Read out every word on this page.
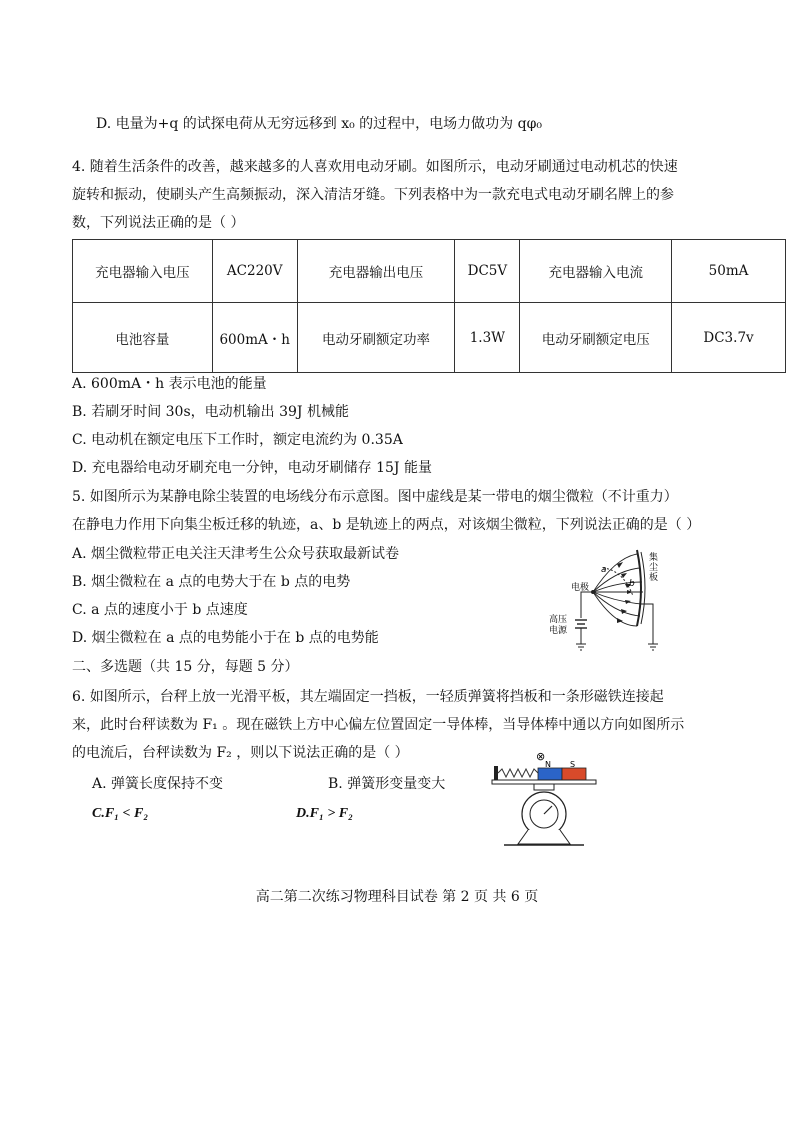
D. 电量为+q 的试探电荷从无穷远移到 x₀ 的过程中，电场力做功为 qφ₀
4. 随着生活条件的改善，越来越多的人喜欢用电动牙刷。如图所示，电动牙刷通过电动机芯的快速
旋转和振动，使刷头产生高频振动，深入清洁牙缝。下列表格中为一款充电式电动牙刷名牌上的参
数，下列说法正确的是（ ）
充电器输入电压	AC220V	充电器输出电压	DC5V	充电器输入电流	50mA
电池容量	600mA・h	电动牙刷额定功率	1.3W	电动牙刷额定电压	DC3.7v
A. 600mA・h 表示电池的能量
B. 若刷牙时间 30s，电动机输出 39J 机械能
C. 电动机在额定电压下工作时，额定电流约为 0.35A
D. 充电器给电动牙刷充电一分钟，电动牙刷储存 15J 能量
5. 如图所示为某静电除尘装置的电场线分布示意图。图中虚线是某一带电的烟尘微粒（不计重力）
在静电力作用下向集尘板迁移的轨迹，a、b 是轨迹上的两点，对该烟尘微粒，下列说法正确的是（ ）
A. 烟尘微粒带正电关注天津考生公众号获取最新试卷
B. 烟尘微粒在 a 点的电势大于在 b 点的电势
C. a 点的速度小于 b 点速度
D. 烟尘微粒在 a 点的电势能小于在 b 点的电势能
a
b
电极
集尘板
高压
电源
二、多选题（共 15 分，每题 5 分）
6. 如图所示，台秤上放一光滑平板，其左端固定一挡板，一轻质弹簧将挡板和一条形磁铁连接起
来，此时台秤读数为 F₁ 。现在磁铁上方中心偏左位置固定一导体棒，当导体棒中通以方向如图所示
的电流后，台秤读数为 F₂ ，则以下说法正确的是（ ）
A. 弹簧长度保持不变	B. 弹簧形变量变大
C.F₁ < F₂	D.F₁ > F₂
⊗
N S
高二第二次练习物理科目试卷 第 2 页 共 6 页
